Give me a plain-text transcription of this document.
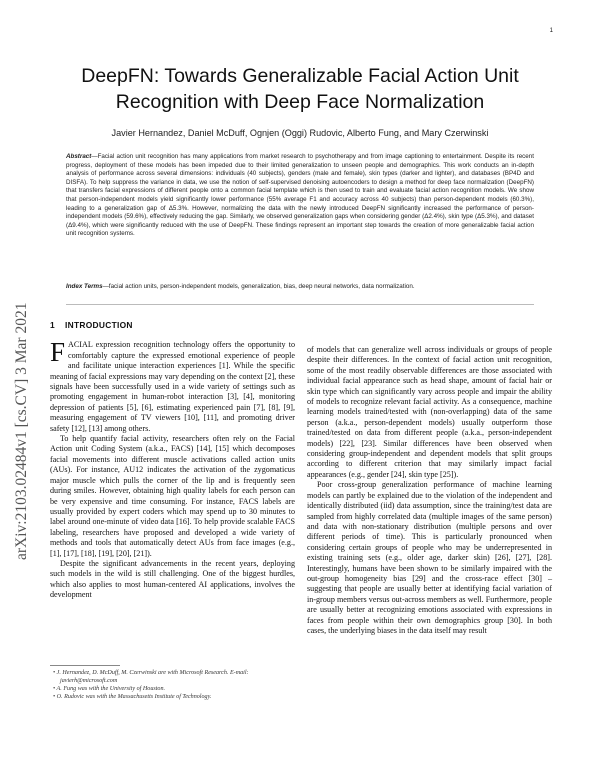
1
arXiv:2103.02484v1 [cs.CV] 3 Mar 2021
DeepFN: Towards Generalizable Facial Action Unit Recognition with Deep Face Normalization
Javier Hernandez, Daniel McDuff, Ognjen (Oggi) Rudovic, Alberto Fung, and Mary Czerwinski
Abstract—Facial action unit recognition has many applications from market research to psychotherapy and from image captioning to entertainment. Despite its recent progress, deployment of these models has been impeded due to their limited generalization to unseen people and demographics. This work conducts an in-depth analysis of performance across several dimensions: individuals (40 subjects), genders (male and female), skin types (darker and lighter), and databases (BP4D and DISFA). To help suppress the variance in data, we use the notion of self-supervised denoising autoencoders to design a method for deep face normalization (DeepFN) that transfers facial expressions of different people onto a common facial template which is then used to train and evaluate facial action recognition models. We show that person-independent models yield significantly lower performance (55% average F1 and accuracy across 40 subjects) than person-dependent models (60.3%), leading to a generalization gap of Δ5.3%. However, normalizing the data with the newly introduced DeepFN significantly increased the performance of person-independent models (59.6%), effectively reducing the gap. Similarly, we observed generalization gaps when considering gender (Δ2.4%), skin type (Δ5.3%), and dataset (Δ9.4%), which were significantly reduced with the use of DeepFN. These findings represent an important step towards the creation of more generalizable facial action unit recognition systems.
Index Terms—facial action units, person-independent models, generalization, bias, deep neural networks, data normalization.
1 INTRODUCTION

FACIAL expression recognition technology offers the opportunity to comfortably capture the expressed emotional experience of people and facilitate unique interaction experiences [1]. While the specific meaning of facial expressions may vary depending on the context [2], these signals have been successfully used in a wide variety of settings such as promoting engagement in human-robot interaction [3], [4], monitoring depression of patients [5], [6], estimating experienced pain [7], [8], [9], measuring engagement of TV viewers [10], [11], and promoting driver safety [12], [13] among others.

To help quantify facial activity, researchers often rely on the Facial Action unit Coding System (a.k.a., FACS) [14], [15] which decomposes facial movements into different muscle activations called action units (AUs). For instance, AU12 indicates the activation of the zygomaticus major muscle which pulls the corner of the lip and is frequently seen during smiles. However, obtaining high quality labels for each person can be very expensive and time consuming. For instance, FACS labels are usually provided by expert coders which may spend up to 30 minutes to label around one-minute of video data [16]. To help provide scalable FACS labeling, researchers have proposed and developed a wide variety of methods and tools that automatically detect AUs from face images (e.g., [1], [17], [18], [19], [20], [21]).

Despite the significant advancements in the recent years, deploying such models in the wild is still challenging. One of the biggest hurdles, which also applies to most human-centered AI applications, involves the development

of models that can generalize well across individuals or groups of people despite their differences. In the context of facial action unit recognition, some of the most readily observable differences are those associated with individual facial appearance such as head shape, amount of facial hair or skin type which can significantly vary across people and impair the ability of models to recognize relevant facial activity. As a consequence, machine learning models trained/tested with (non-overlapping) data of the same person (a.k.a., person-dependent models) usually outperform those trained/tested on data from different people (a.k.a., person-independent models) [22], [23]. Similar differences have been observed when considering group-independent and dependent models that split groups according to different criterion that may similarly impact facial appearances (e.g., gender [24], skin type [25]).

Poor cross-group generalization performance of machine learning models can partly be explained due to the violation of the independent and identically distributed (iid) data assumption, since the training/test data are sampled from highly correlated data (multiple images of the same person) and data with non-stationary distribution (multiple persons and over different periods of time). This is particularly pronounced when considering certain groups of people who may be underrepresented in existing training sets (e.g., older age, darker skin) [26], [27], [28]. Interestingly, humans have been shown to be similarly impaired with the out-group homogeneity bias [29] and the cross-race effect [30] – suggesting that people are usually better at identifying facial variation of in-group members versus out-across members as well. Furthermore, people are usually better at recognizing emotions associated with expressions in faces from people within their own demographics group [30]. In both cases, the underlying biases in the data itself may result

• J. Hernandez, D. McDuff, M. Czerwinski are with Microsoft Research. E-mail: javierh@microsoft.com
• A. Fung was with the University of Houston.
• O. Rudovic was with the Massachusetts Institute of Technology.
